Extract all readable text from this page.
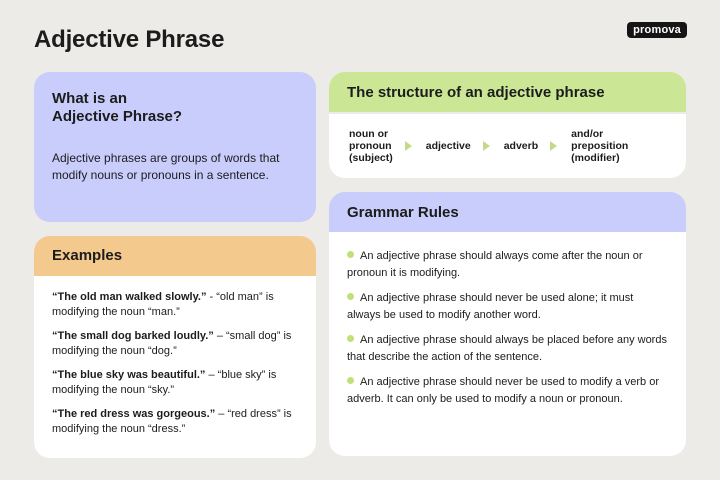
Adjective Phrase	promova
What is an
Adjective Phrase?

Adjective phrases are groups of words that modify nouns or pronouns in a sentence.

Examples
“The old man walked slowly.” - “old man” is modifying the noun “man.”
“The small dog barked loudly.” – “small dog” is modifying the noun “dog.”
“The blue sky was beautiful.” – “blue sky” is modifying the noun “sky.”
“The red dress was gorgeous.” – “red dress” is modifying the noun “dress.”
The structure of an adjective phrase
noun or
pronoun
(subject)
adjective	adverb
and/or
preposition
(modifier)
Grammar Rules
An adjective phrase should always come after the noun or pronoun it is modifying.
An adjective phrase should never be used alone; it must always be used to modify another word.
An adjective phrase should always be placed before any words that describe the action of the sentence.
An adjective phrase should never be used to modify a verb or adverb. It can only be used to modify a noun or pronoun.
